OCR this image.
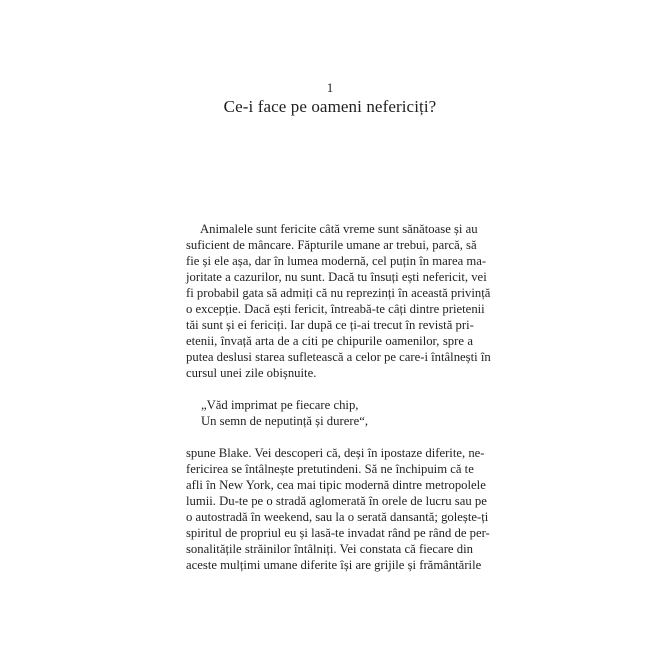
1
Ce-i face pe oameni nefericiți?
Animalele sunt fericite câtă vreme sunt sănătoase și au
suficient de mâncare. Făpturile umane ar trebui, parcă, să
fie și ele așa, dar în lumea modernă, cel puțin în marea ma-
joritate a cazurilor, nu sunt. Dacă tu însuți ești nefericit, vei
fi probabil gata să admiți că nu reprezinți în această privință
o excepție. Dacă ești fericit, întreabă-te câți dintre prietenii
tăi sunt și ei fericiți. Iar după ce ți-ai trecut în revistă pri-
etenii, învață arta de a citi pe chipurile oamenilor, spre a
putea deslusi starea sufletească a celor pe care-i întâlnești în
cursul unei zile obișnuite.
„Văd imprimat pe fiecare chip,
Un semn de neputință și durere“,
spune Blake. Vei descoperi că, deși în ipostaze diferite, ne-
fericirea se întâlnește pretutindeni. Să ne închipuim că te
afli în New York, cea mai tipic modernă dintre metropolele
lumii. Du-te pe o stradă aglomerată în orele de lucru sau pe
o autostradă în weekend, sau la o serată dansantă; golește-ți
spiritul de propriul eu și lasă-te invadat rând pe rând de per-
sonalitățile străinilor întâlniți. Vei constata că fiecare din
aceste mulțimi umane diferite își are grijile și frământările
